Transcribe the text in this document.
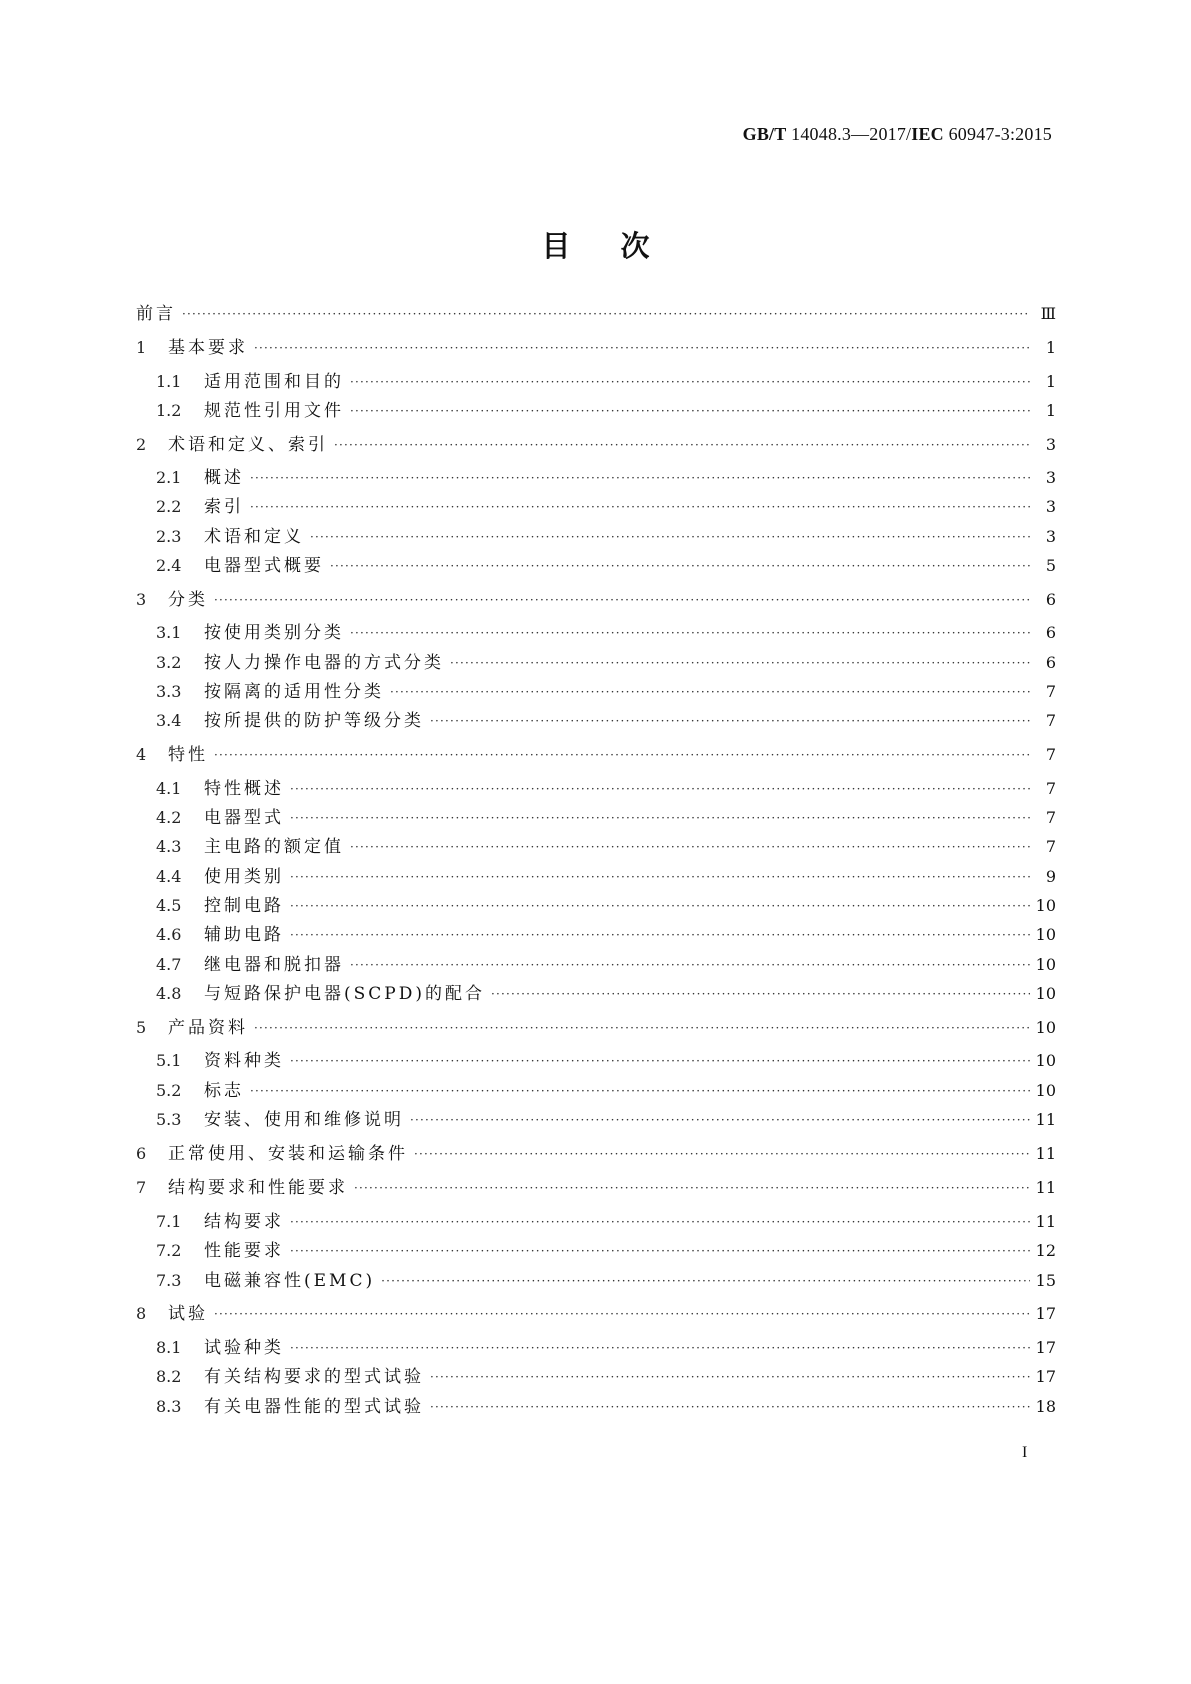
GB/T 14048.3—2017/IEC 60947-3:2015
目次
前言 ·····	Ⅲ
1	基本要求 ·····	1
1.1	适用范围和目的 ·····	1
1.2	规范性引用文件 ·····	1
2	术语和定义、索引 ·····	3
2.1	概述 ·····	3
2.2	索引 ·····	3
2.3	术语和定义 ·····	3
2.4	电器型式概要 ·····	5
3	分类 ·····	6
3.1	按使用类别分类 ·····	6
3.2	按人力操作电器的方式分类 ·····	6
3.3	按隔离的适用性分类 ·····	7
3.4	按所提供的防护等级分类 ·····	7
4	特性 ·····	7
4.1	特性概述 ·····	7
4.2	电器型式 ·····	7
4.3	主电路的额定值 ·····	7
4.4	使用类别 ·····	9
4.5	控制电路 ·····	10
4.6	辅助电路 ·····	10
4.7	继电器和脱扣器 ·····	10
4.8	与短路保护电器(SCPD)的配合 ·····	10
5	产品资料 ·····	10
5.1	资料种类 ·····	10
5.2	标志 ·····	10
5.3	安装、使用和维修说明 ·····	11
6	正常使用、安装和运输条件 ·····	11
7	结构要求和性能要求 ·····	11
7.1	结构要求 ·····	11
7.2	性能要求 ·····	12
7.3	电磁兼容性(EMC) ·····	15
8	试验 ·····	17
8.1	试验种类 ·····	17
8.2	有关结构要求的型式试验 ·····	17
8.3	有关电器性能的型式试验 ·····	18
I
